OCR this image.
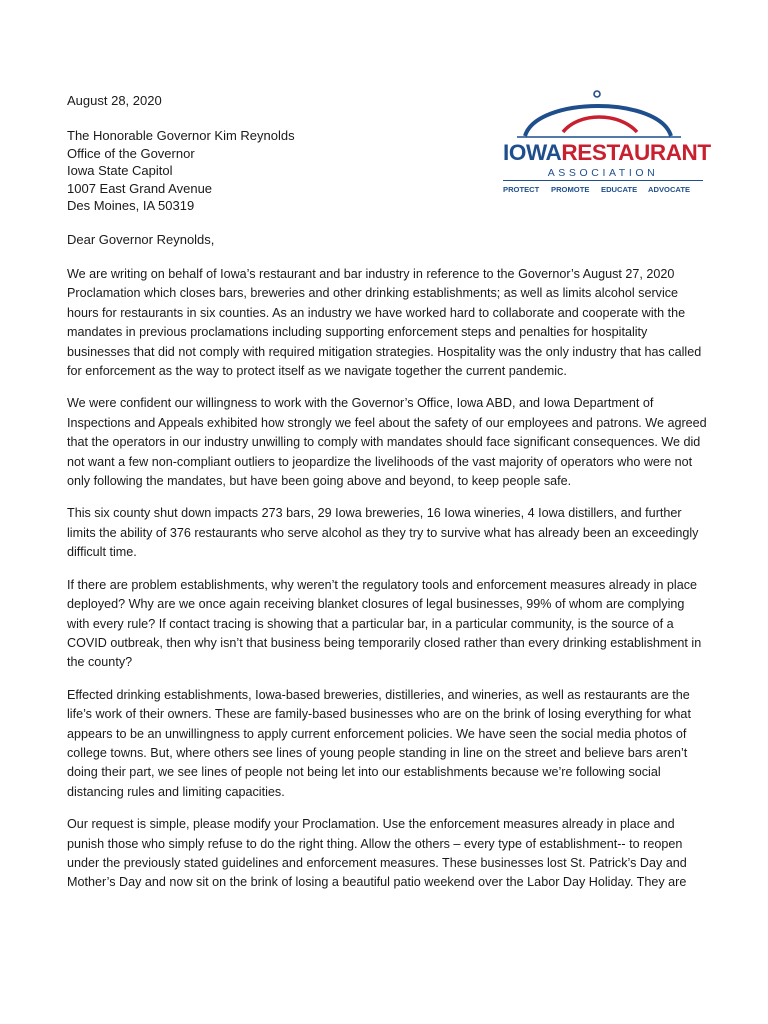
IOWARESTAURANT
ASSOCIATION
PROTECT PROMOTE EDUCATE ADVOCATE
August 28, 2020
The Honorable Governor Kim Reynolds
Office of the Governor
Iowa State Capitol
1007 East Grand Avenue
Des Moines, IA 50319
Dear Governor Reynolds,

We are writing on behalf of Iowa’s restaurant and bar industry in reference to the Governor’s August 27, 2020 Proclamation which closes bars, breweries and other drinking establishments; as well as limits alcohol service hours for restaurants in six counties. As an industry we have worked hard to collaborate and cooperate with the mandates in previous proclamations including supporting enforcement steps and penalties for hospitality businesses that did not comply with required mitigation strategies. Hospitality was the only industry that has called for enforcement as the way to protect itself as we navigate together the current pandemic.

We were confident our willingness to work with the Governor’s Office, Iowa ABD, and Iowa Department of Inspections and Appeals exhibited how strongly we feel about the safety of our employees and patrons. We agreed that the operators in our industry unwilling to comply with mandates should face significant consequences. We did not want a few non-compliant outliers to jeopardize the livelihoods of the vast majority of operators who were not only following the mandates, but have been going above and beyond, to keep people safe.

This six county shut down impacts 273 bars, 29 Iowa breweries, 16 Iowa wineries, 4 Iowa distillers, and further limits the ability of 376 restaurants who serve alcohol as they try to survive what has already been an exceedingly difficult time.

If there are problem establishments, why weren’t the regulatory tools and enforcement measures already in place deployed? Why are we once again receiving blanket closures of legal businesses, 99% of whom are complying with every rule? If contact tracing is showing that a particular bar, in a particular community, is the source of a COVID outbreak, then why isn’t that business being temporarily closed rather than every drinking establishment in the county?

Effected drinking establishments, Iowa-based breweries, distilleries, and wineries, as well as restaurants are the life’s work of their owners. These are family-based businesses who are on the brink of losing everything for what appears to be an unwillingness to apply current enforcement policies. We have seen the social media photos of college towns. But, where others see lines of young people standing in line on the street and believe bars aren’t doing their part, we see lines of people not being let into our establishments because we’re following social distancing rules and limiting capacities.

Our request is simple, please modify your Proclamation. Use the enforcement measures already in place and punish those who simply refuse to do the right thing. Allow the others – every type of establishment-- to reopen under the previously stated guidelines and enforcement measures. These businesses lost St. Patrick’s Day and Mother’s Day and now sit on the brink of losing a beautiful patio weekend over the Labor Day Holiday. They are
